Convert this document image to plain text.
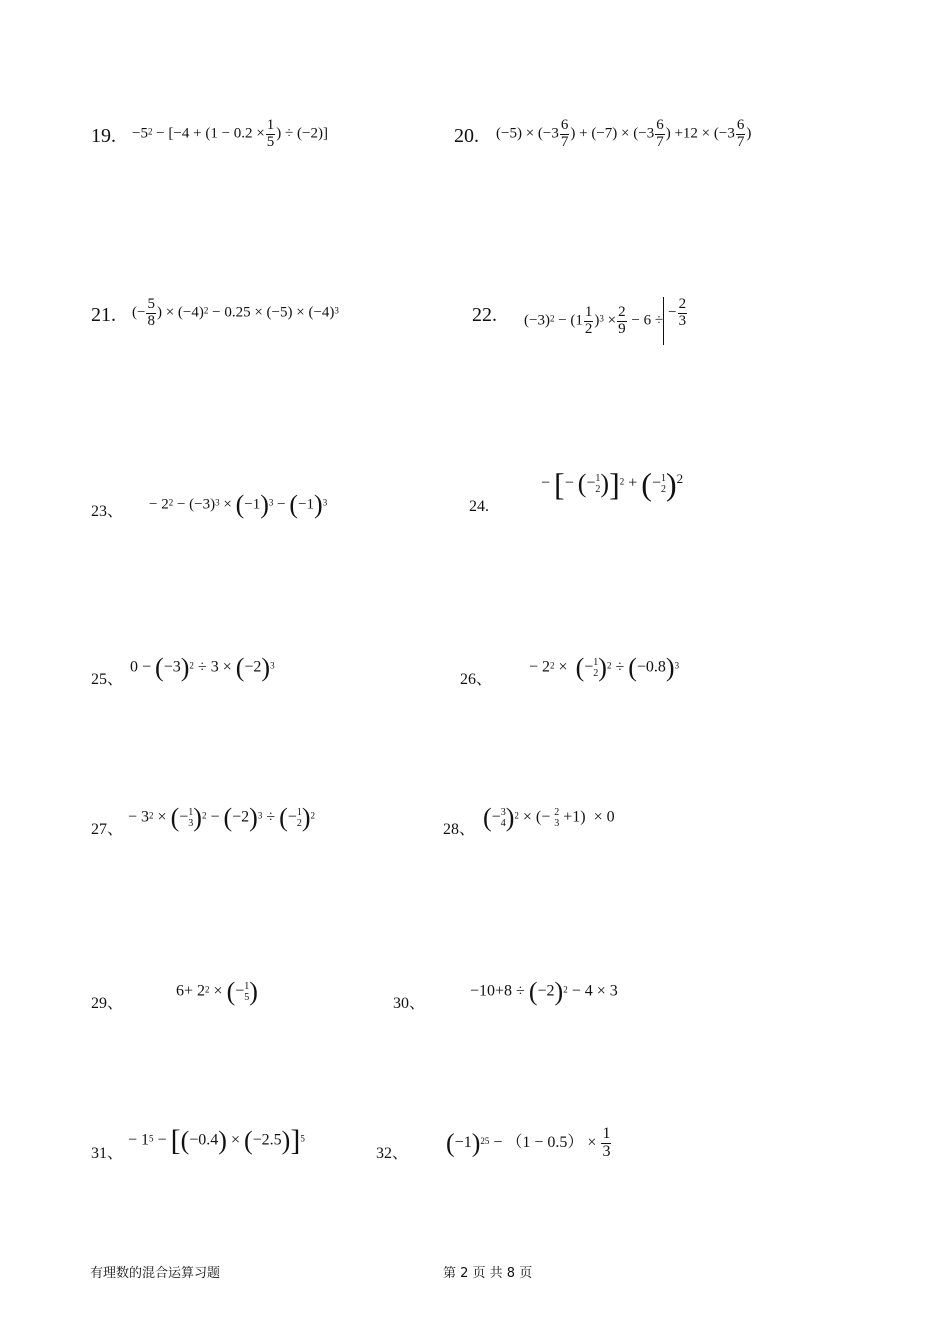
19. $-5^2 - [-4 + (1 - 0.2 \times \frac{1}{5}$ ) ÷ (−2)]	20. $(-5) \times (-3 \frac{6}{7}$ ) + $(-7) \times (-3 \frac{6}{7}$ ) $+12 \times (-3 \frac{6}{7}$ )
21. (− $\frac{5}{8}$ ) × $(-4)^2 - 0.25 \times (-5) \times (-4)^3$	22. $(-3)^2 - (1 \frac{1}{2} )^3 \times \frac{2}{9} - 6$ ÷ − $\frac{2}{3}$
23、 − $2^2 - (-3)^3 \times (-1)^3 - (-1)^3$	24.
− [− (− 1
2 )]$^2$ + (− 1
2 )$^2$
25、
$0 - (-3)^2 \div 3 \times (-2)^3$
26、
− $2^2$ ×  (− 1
2 )$^2 \div (-0.8)^3$
27、
− $3^2$ × (− 1
3 )$^2 - (-2)^3$ ÷ (− 1
2 )$^2$
28、 (− 3
4 )$^2$ × (− 2
3 +1)  × 0
29、
$6+ 2^2$ × (− 1
5 )	30、
$-10+8 \div (-2)^2 - 4 \times 3$
31、
− $1^5 - [(-0.4) \times (-2.5)]^5$
32、 $(-1)^{25} - (1 - 0.5) \times \frac{1}{3}$
有理数的混合运算习题	第 2 页 共 8 页
